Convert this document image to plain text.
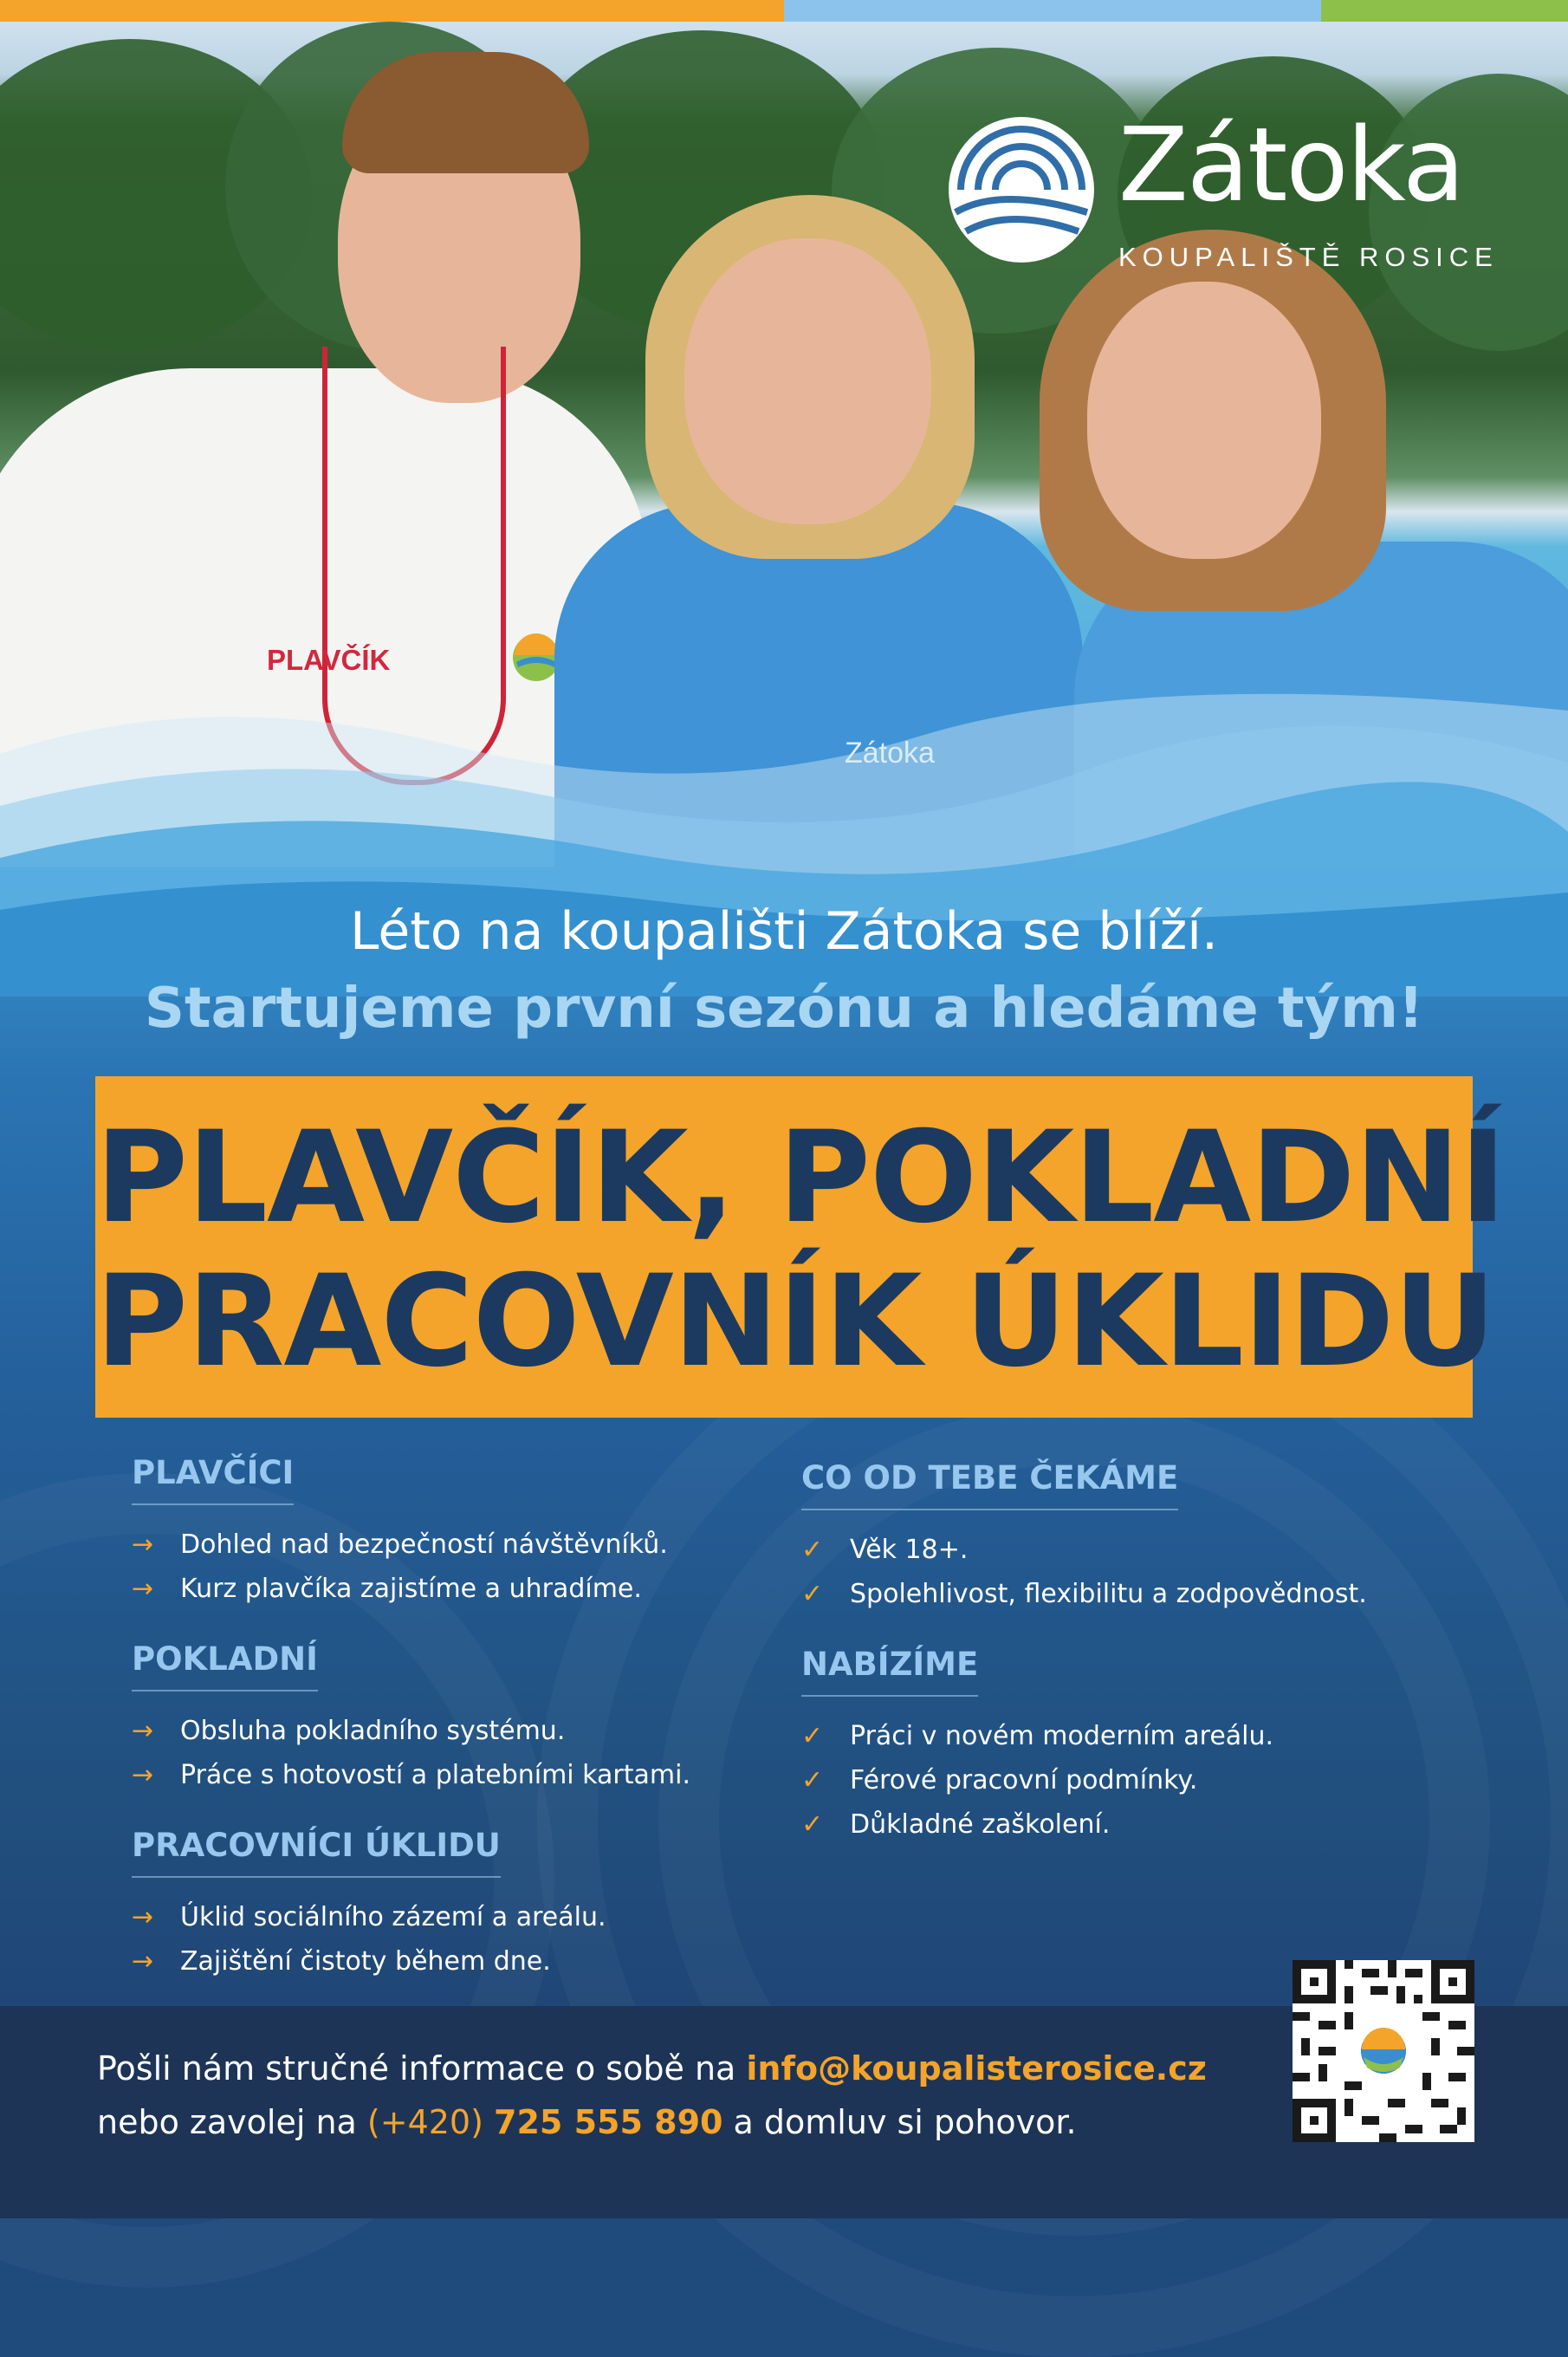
PLAVČÍK
Zátoka
Zátoka
KOUPALIŠTĚ ROSICE
Léto na koupališti Zátoka se blíží.
Startujeme první sezónu a hledáme tým!
PLAVČÍK, POKLADNÍ
PRACOVNÍK ÚKLIDU
PLAVČÍCI
→	Dohled nad bezpečností návštěvníků.
→	Kurz plavčíka zajistíme a uhradíme.
POKLADNÍ
→	Obsluha pokladního systému.
→	Práce s hotovostí a platebními kartami.
PRACOVNÍCI ÚKLIDU
→	Úklid sociálního zázemí a areálu.
→	Zajištění čistoty během dne.
CO OD TEBE ČEKÁME
✓	Věk 18+.
✓	Spolehlivost, flexibilitu a zodpovědnost.
NABÍZÍME
✓	Práci v novém moderním areálu.
✓	Férové pracovní podmínky.
✓	Důkladné zaškolení.
Pošli nám stručné informace o sobě na info@koupalisterosice.cz
nebo zavolej na (+420) 725 555 890 a domluv si pohovor.
